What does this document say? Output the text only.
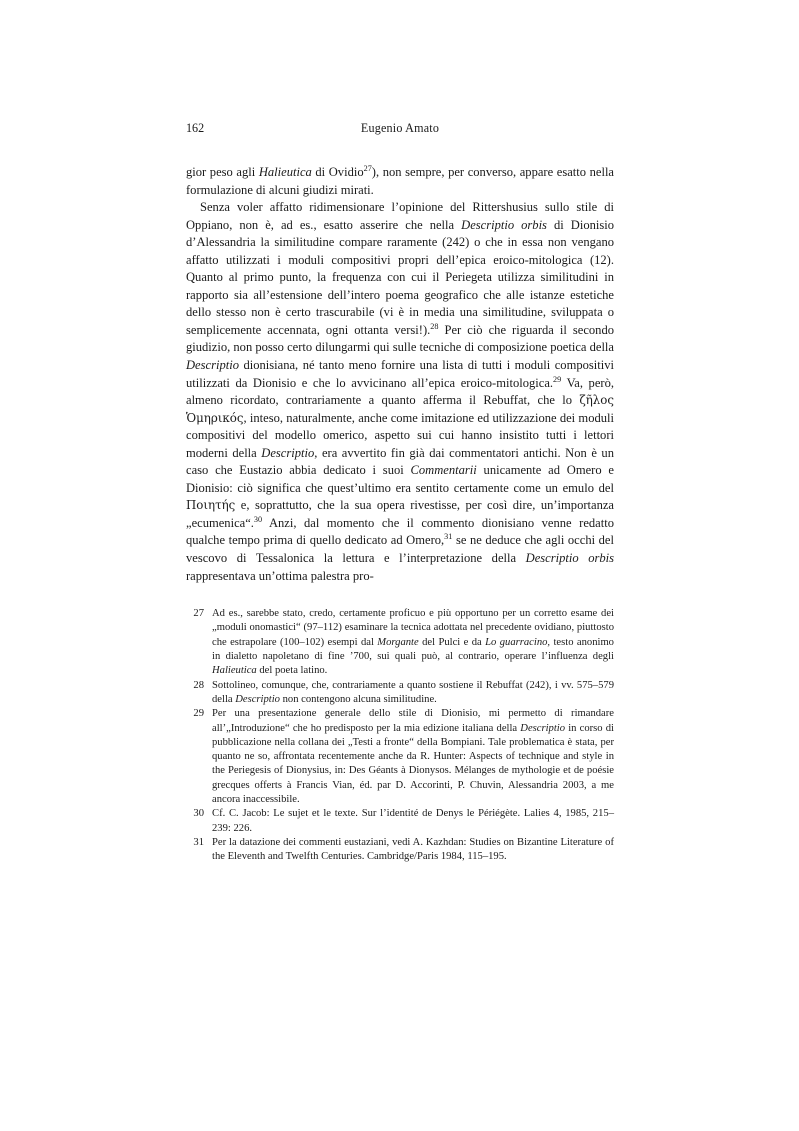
162	Eugenio Amato

gior peso agli Halieutica di Ovidio$^{27}$), non sempre, per converso, appare esatto nella formulazione di alcuni giudizi mirati.

Senza voler affatto ridimensionare l’opinione del Rittershusius sullo stile di Oppiano, non è, ad es., esatto asserire che nella Descriptio orbis di Dionisio d’Alessandria la similitudine compare raramente (242) o che in essa non vengano affatto utilizzati i moduli compositivi propri dell’epica eroico-mitologica (12). Quanto al primo punto, la frequenza con cui il Periegeta utilizza similitudini in rapporto sia all’estensione dell’intero poema geografico che alle istanze estetiche dello stesso non è certo trascurabile (vi è in media una similitudine, sviluppata o semplicemente accennata, ogni ottanta versi!).$^{28}$ Per ciò che riguarda il secondo giudizio, non posso certo dilungarmi qui sulle tecniche di composizione poetica della Descriptio dionisiana, né tanto meno fornire una lista di tutti i moduli compositivi utilizzati da Dionisio e che lo avvicinano all’epica eroico-mitologica.$^{29}$ Va, però, almeno ricordato, contrariamente a quanto afferma il Rebuffat, che lo ζῆλος Ὁμηρικóς, inteso, naturalmente, anche come imitazione ed utilizzazione dei moduli compositivi del modello omerico, aspetto sui cui hanno insistito tutti i lettori moderni della Descriptio, era avvertito fin già dai commentatori antichi. Non è un caso che Eustazio abbia dedicato i suoi Commentarii unicamente ad Omero e Dionisio: ciò significa che quest’ultimo era sentito certamente come un emulo del Ποιητής e, soprattutto, che la sua opera rivestisse, per così dire, un’importanza „ecumenica“.$^{30}$ Anzi, dal momento che il commento dionisiano venne redatto qualche tempo prima di quello dedicato ad Omero,$^{31}$ se ne deduce che agli occhi del vescovo di Tessalonica la lettura e l’interpretazione della Descriptio orbis rappresentava un’ottima palestra pro-

27 Ad es., sarebbe stato, credo, certamente proficuo e più opportuno per un corretto esame dei „moduli onomastici“ (97–112) esaminare la tecnica adottata nel precedente ovidiano, piuttosto che estrapolare (100–102) esempi dal Morgante del Pulci e da Lo guarracino, testo anonimo in dialetto napoletano di fine ’700, sui quali può, al contrario, operare l’influenza degli Halieutica del poeta latino.
28 Sottolineo, comunque, che, contrariamente a quanto sostiene il Rebuffat (242), i vv. 575–579 della Descriptio non contengono alcuna similitudine.
29 Per una presentazione generale dello stile di Dionisio, mi permetto di rimandare all’„Introduzione“ che ho predisposto per la mia edizione italiana della Descriptio in corso di pubblicazione nella collana dei „Testi a fronte“ della Bompiani. Tale problematica è stata, per quanto ne so, affrontata recentemente anche da R. Hunter: Aspects of technique and style in the Periegesis of Dionysius, in: Des Géants à Dionysos. Mélanges de mythologie et de poésie grecques offerts à Francis Vian, éd. par D. Accorinti, P. Chuvin, Alessandria 2003, a me ancora inaccessibile.
30 Cf. C. Jacob: Le sujet et le texte. Sur l’identité de Denys le Périégète. Lalies 4, 1985, 215–239: 226.
31 Per la datazione dei commenti eustaziani, vedi A. Kazhdan: Studies on Bizantine Literature of the Eleventh and Twelfth Centuries. Cambridge/Paris 1984, 115–195.
